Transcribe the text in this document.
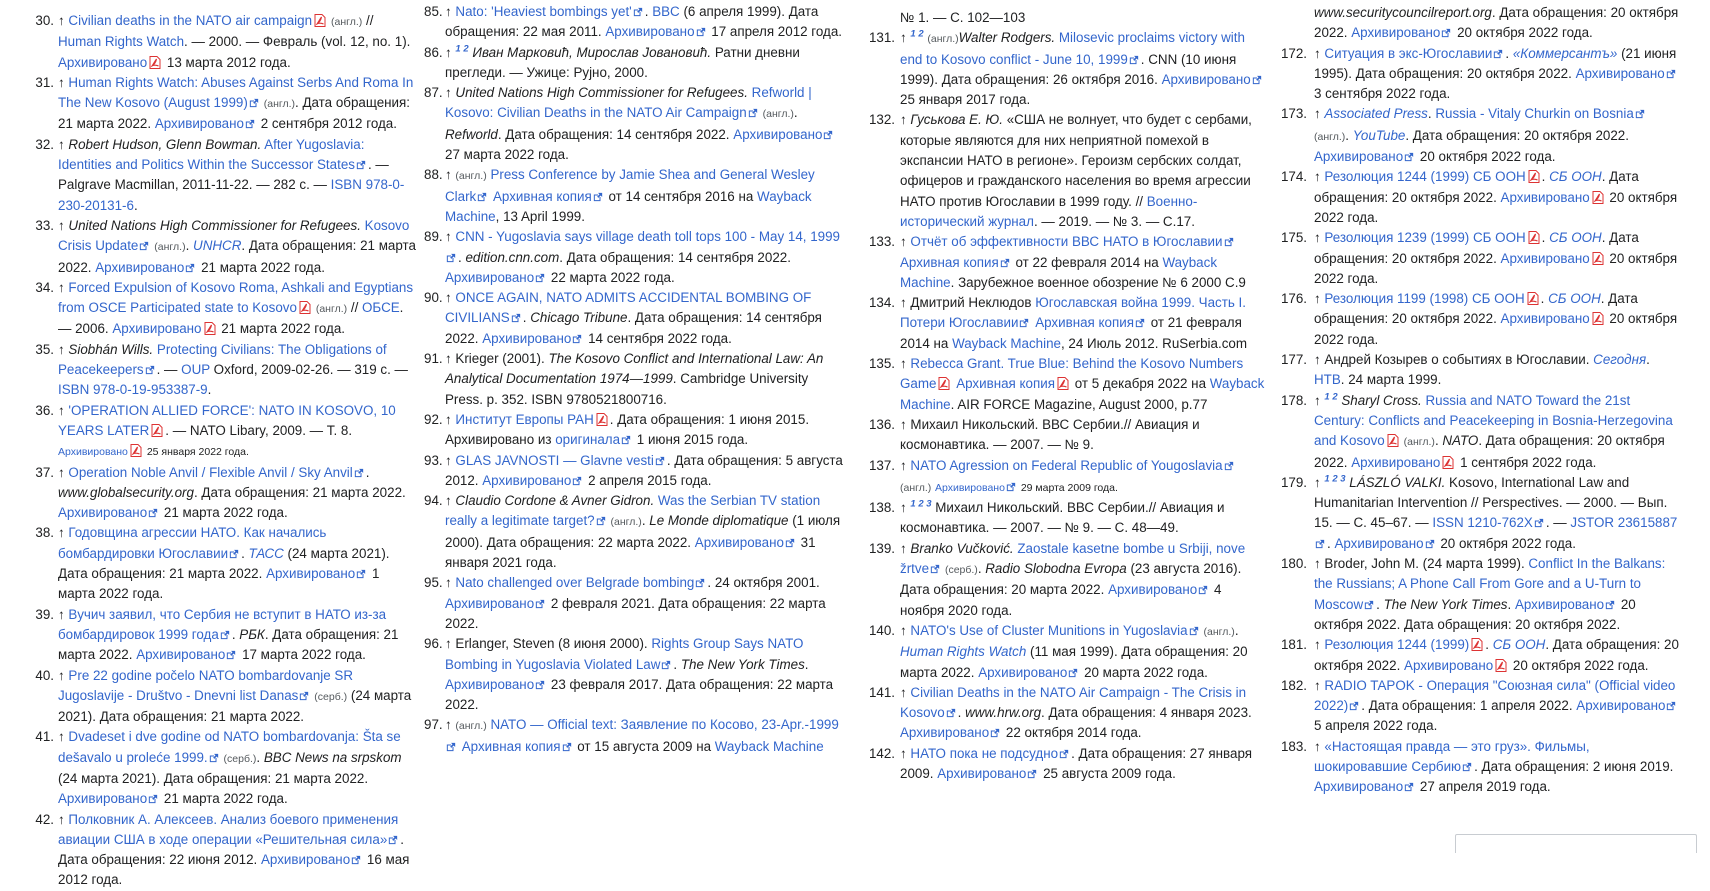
30. ↑ Civilian deaths in the NATO air campaign (англ.) // Human Rights Watch. — 2000. — Февраль (vol. 12, no. 1). Архивировано 13 марта 2012 года.
31. ↑ Human Rights Watch: Abuses Against Serbs And Roma In The New Kosovo (August 1999) (англ.). Дата обращения: 21 марта 2022. Архивировано 2 сентября 2012 года.
32. ↑ Robert Hudson, Glenn Bowman. After Yugoslavia: Identities and Politics Within the Successor States . — Palgrave Macmillan, 2011-11-22. — 282 с. — ISBN 978-0-230-20131-6.
33. ↑ United Nations High Commissioner for Refugees. Kosovo Crisis Update (англ.). UNHCR. Дата обращения: 21 марта 2022. Архивировано 21 марта 2022 года.
34. ↑ Forced Expulsion of Kosovo Roma, Ashkali and Egyptians from OSCE Participated state to Kosovo (англ.) // ОБСЕ. — 2006. Архивировано 21 марта 2022 года.
35. ↑ Siobhán Wills. Protecting Civilians: The Obligations of Peacekeepers . — OUP Oxford, 2009-02-26. — 319 с. — ISBN 978-0-19-953387-9.
36. ↑ 'OPERATION ALLIED FORCE': NATO IN KOSOVO, 10 YEARS LATER . — NATO Libary, 2009. — Т. 8. Архивировано 25 января 2022 года.
37. ↑ Operation Noble Anvil / Flexible Anvil / Sky Anvil . www.globalsecurity.org. Дата обращения: 21 марта 2022. Архивировано 21 марта 2022 года.
38. ↑ Годовщина агрессии НАТО. Как начались бомбардировки Югославии . ТАСС (24 марта 2021). Дата обращения: 21 марта 2022. Архивировано 1 марта 2022 года.
39. ↑ Вучич заявил, что Сербия не вступит в НАТО из-за бомбардировок 1999 года . РБК. Дата обращения: 21 марта 2022. Архивировано 17 марта 2022 года.
40. ↑ Pre 22 godine počelo NATO bombardovanje SR Jugoslavije - Društvo - Dnevni list Danas (серб.) (24 марта 2021). Дата обращения: 21 марта 2022.
41. ↑ Dvadeset i dve godine od NATO bombardovanja: Šta se dešavalo u proleće 1999. (серб.). BBC News na srpskom (24 марта 2021). Дата обращения: 21 марта 2022. Архивировано 21 марта 2022 года.
42. ↑ Полковник А. Алексеев. Анализ боевого применения авиации США в ходе операции «Решительная сила» . Дата обращения: 22 июня 2012. Архивировано 16 мая 2012 года.
85. ↑ Nato: 'Heaviest bombings yet' . BBC (6 апреля 1999). Дата обращения: 22 мая 2011. Архивировано 17 апреля 2012 года.
86. ↑ $^{1 2}$ Иван Марковић, Мирослав Јовановић. Ратни дневни прегледи. — Ужице: Рујно, 2000.
87. ↑ United Nations High Commissioner for Refugees. Refworld | Kosovo: Civilian Deaths in the NATO Air Campaign (англ.). Refworld. Дата обращения: 14 сентября 2022. Архивировано 27 марта 2022 года.
88. ↑ (англ.) Press Conference by Jamie Shea and General Wesley Clark Архивная копия от 14 сентября 2016 на Wayback Machine, 13 April 1999.
89. ↑ CNN - Yugoslavia says village death toll tops 100 - May 14, 1999. edition.cnn.com. Дата обращения: 14 сентября 2022. Архивировано 22 марта 2022 года.
90. ↑ ONCE AGAIN, NATO ADMITS ACCIDENTAL BOMBING OF CIVILIANS . Chicago Tribune. Дата обращения: 14 сентября 2022. Архивировано 14 сентября 2022 года.
91. ↑ Krieger (2001). The Kosovo Conflict and International Law: An Analytical Documentation 1974—1999. Cambridge University Press. p. 352. ISBN 9780521800716.
92. ↑ Институт Европы РАН . Дата обращения: 1 июня 2015. Архивировано из оригинала 1 июня 2015 года.
93. ↑ GLAS JAVNOSTI — Glavne vesti . Дата обращения: 5 августа 2012. Архивировано 2 апреля 2015 года.
94. ↑ Claudio Cordone & Avner Gidron. Was the Serbian TV station really a legitimate target? (англ.). Le Monde diplomatique (1 июля 2000). Дата обращения: 22 марта 2022. Архивировано 31 января 2021 года.
95. ↑ Nato challenged over Belgrade bombing . 24 октября 2001. Архивировано 2 февраля 2021. Дата обращения: 22 марта 2022.
96. ↑ Erlanger, Steven (8 июня 2000). Rights Group Says NATO Bombing in Yugoslavia Violated Law . The New York Times. Архивировано 23 февраля 2017. Дата обращения: 22 марта 2022.
97. ↑ (англ.) NATO — Official text: Заявление по Косово, 23-Apr.-1999 Архивная копия от 15 августа 2009 на Wayback Machine
№ 1. — С. 102—103
131. ↑ $^{1 2}$ (англ.)Walter Rodgers. Milosevic proclaims victory with end to Kosovo conflict - June 10, 1999 . CNN (10 июня 1999). Дата обращения: 26 октября 2016. Архивировано 25 января 2017 года.
132. ↑ Гуськова Е. Ю. «США не волнует, что будет с сербами, которые являются для них неприятной помехой в экспансии НАТО в регионе». Героизм сербских солдат, офицеров и гражданского населения во время агрессии НАТО против Югославии в 1999 году. // Военно-исторический журнал. — 2019. — № 3. — С.17.
133. ↑ Отчёт об эффективности ВВС НАТО в Югославии Архивная копия от 22 февраля 2014 на Wayback Machine. Зарубежное военное обозрение № 6 2000 С.9
134. ↑ Дмитрий Неклюдов Югославская война 1999. Часть I. Потери Югославии Архивная копия от 21 февраля 2014 на Wayback Machine, 24 Июль 2012. RuSerbia.com
135. ↑ Rebecca Grant. True Blue: Behind the Kosovo Numbers Game Архивная копия от 5 декабря 2022 на Wayback Machine. AIR FORCE Magazine, August 2000, p.77
136. ↑ Михаил Никольский. ВВС Сербии.// Авиация и космонавтика. — 2007. — № 9.
137. ↑ NATO Agression on Federal Republic of Yougoslavia (англ.) Архивировано 29 марта 2009 года.
138. ↑ $^{1 2 3}$ Михаил Никольский. ВВС Сербии.// Авиация и космонавтика. — 2007. — № 9. — С. 48—49.
139. ↑ Branko Vučković. Zaostale kasetne bombe u Srbiji, nove žrtve (серб.). Radio Slobodna Evropa (23 августа 2016). Дата обращения: 20 марта 2022. Архивировано 4 ноября 2020 года.
140. ↑ NATO's Use of Cluster Munitions in Yugoslavia (англ.). Human Rights Watch (11 мая 1999). Дата обращения: 20 марта 2022. Архивировано 20 марта 2022 года.
141. ↑ Civilian Deaths in the NATO Air Campaign - The Crisis in Kosovo . www.hrw.org. Дата обращения: 4 января 2023. Архивировано 22 октября 2014 года.
142. ↑ НАТО пока не подсудно . Дата обращения: 27 января 2009. Архивировано 25 августа 2009 года.
www.securitycouncilreport.org. Дата обращения: 20 октября 2022. Архивировано 20 октября 2022 года.
172. ↑ Ситуация в экс-Югославии . «Коммерсантъ» (21 июня 1995). Дата обращения: 20 октября 2022. Архивировано 3 сентября 2022 года.
173. ↑ Associated Press. Russia - Vitaly Churkin on Bosnia (англ.). YouTube. Дата обращения: 20 октября 2022. Архивировано 20 октября 2022 года.
174. ↑ Резолюция 1244 (1999) СБ ООН . СБ ООН. Дата обращения: 20 октября 2022. Архивировано 20 октября 2022 года.
175. ↑ Резолюция 1239 (1999) СБ ООН . СБ ООН. Дата обращения: 20 октября 2022. Архивировано 20 октября 2022 года.
176. ↑ Резолюция 1199 (1998) СБ ООН . СБ ООН. Дата обращения: 20 октября 2022. Архивировано 20 октября 2022 года.
177. ↑ Андрей Козырев о событиях в Югославии. Сегодня. НТВ. 24 марта 1999.
178. ↑ $^{1 2}$ Sharyl Cross. Russia and NATO Toward the 21st Century: Conflicts and Peacekeeping in Bosnia-Herzegovina and Kosovo (англ.). NATO. Дата обращения: 20 октября 2022. Архивировано 1 сентября 2022 года.
179. ↑ $^{1 2 3}$ LÁSZLÓ VALKI. Kosovo, International Law and Humanitarian Intervention // Perspectives. — 2000. — Вып. 15. — С. 45–67. — ISSN 1210-762X . — JSTOR 23615887. Архивировано 20 октября 2022 года.
180. ↑ Broder, John M. (24 марта 1999). Conflict In the Balkans: the Russians; A Phone Call From Gore and a U-Turn to Moscow . The New York Times. Архивировано 20 октября 2022. Дата обращения: 20 октября 2022.
181. ↑ Резолюция 1244 (1999) . СБ ООН. Дата обращения: 20 октября 2022. Архивировано 20 октября 2022 года.
182. ↑ RADIO TAPOK - Операция "Союзная сила" (Official video 2022) . Дата обращения: 1 апреля 2022. Архивировано 5 апреля 2022 года.
183. ↑ «Настоящая правда — это груз». Фильмы, шокировавшие Сербию . Дата обращения: 2 июня 2019. Архивировано 27 апреля 2019 года.
